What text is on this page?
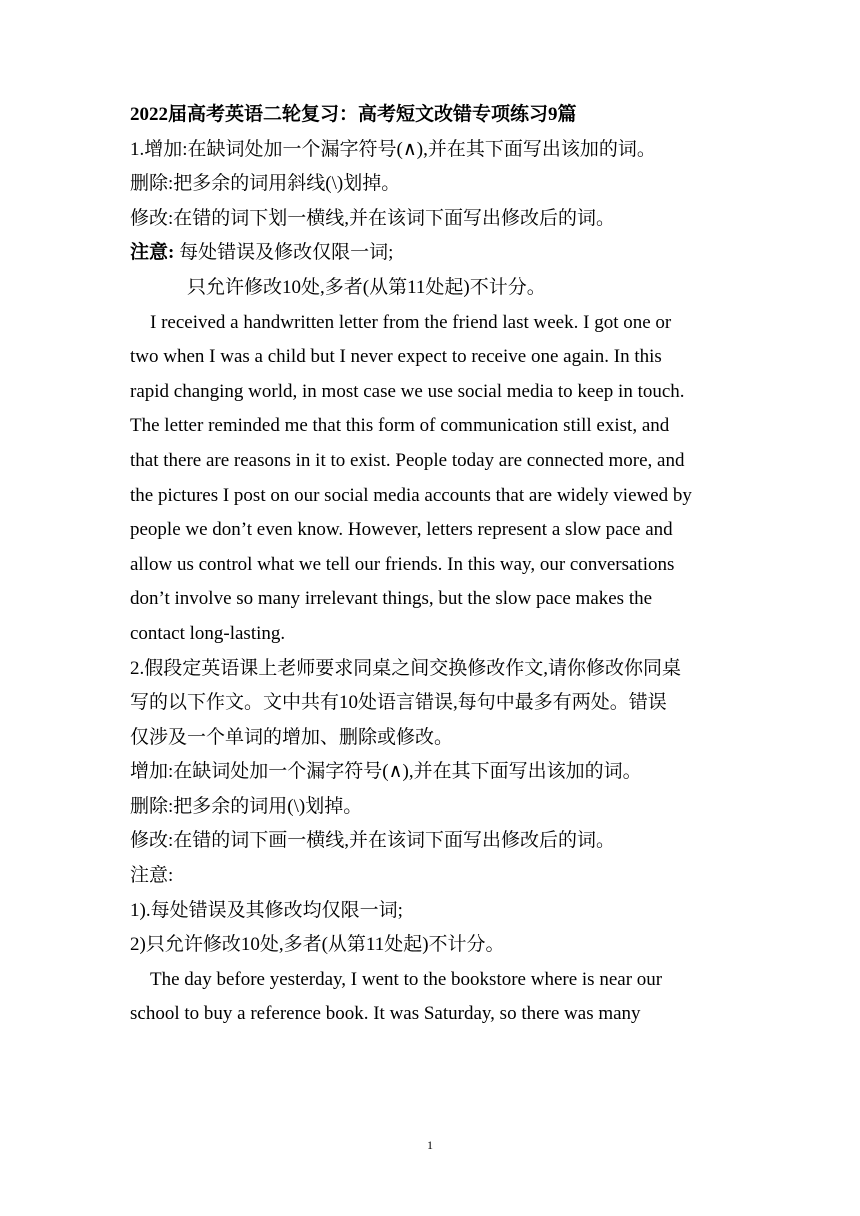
2022届高考英语二轮复习：高考短文改错专项练习9篇
1.增加:在缺词处加一个漏字符号(∧),并在其下面写出该加的词。
删除:把多余的词用斜线(\)划掉。
修改:在错的词下划一横线,并在该词下面写出修改后的词。
注意: 每处错误及修改仅限一词;
只允许修改10处,多者(从第11处起)不计分。
I received a handwritten letter from the friend last week. I got one or
two when I was a child but I never expect to receive one again. In this
rapid changing world, in most case we use social media to keep in touch.
The letter reminded me that this form of communication still exist, and
that there are reasons in it to exist. People today are connected more, and
the pictures I post on our social media accounts that are widely viewed by
people we don’t even know. However, letters represent a slow pace and
allow us control what we tell our friends. In this way, our conversations
don’t involve so many irrelevant things, but the slow pace makes the
contact long-lasting.
2.假段定英语课上老师要求同桌之间交换修改作文,请你修改你同桌
写的以下作文。文中共有10处语言错误,每句中最多有两处。错误
仅涉及一个单词的增加、删除或修改。
增加:在缺词处加一个漏字符号(∧),并在其下面写出该加的词。
删除:把多余的词用(\)划掉。
修改:在错的词下画一横线,并在该词下面写出修改后的词。
注意:
1).每处错误及其修改均仅限一词;
2)只允许修改10处,多者(从第11处起)不计分。
The day before yesterday, I went to the bookstore where is near our
school to buy a reference book. It was Saturday, so there was many
1
